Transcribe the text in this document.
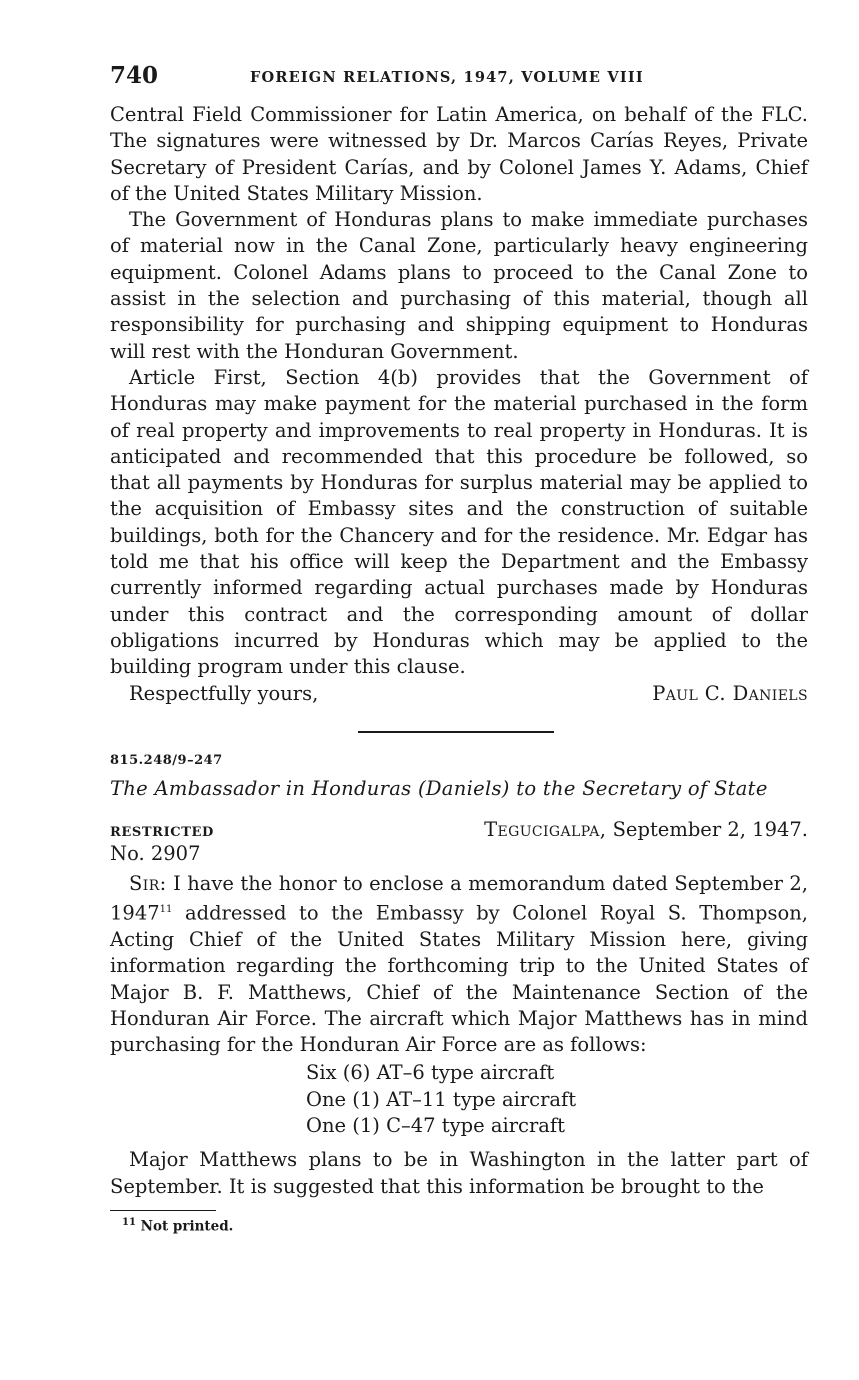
740	FOREIGN RELATIONS, 1947, VOLUME VIII

Central Field Commissioner for Latin America, on behalf of the FLC. The signatures were witnessed by Dr. Marcos Carías Reyes, Private Secretary of President Carías, and by Colonel James Y. Adams, Chief of the United States Military Mission.

The Government of Honduras plans to make immediate purchases of material now in the Canal Zone, particularly heavy engineering equipment. Colonel Adams plans to proceed to the Canal Zone to assist in the selection and purchasing of this material, though all responsibility for purchasing and shipping equipment to Honduras will rest with the Honduran Government.

Article First, Section 4(b) provides that the Government of Honduras may make payment for the material purchased in the form of real property and improvements to real property in Honduras. It is anticipated and recommended that this procedure be followed, so that all payments by Honduras for surplus material may be applied to the acquisition of Embassy sites and the construction of suitable buildings, both for the Chancery and for the residence. Mr. Edgar has told me that his office will keep the Department and the Embassy currently informed regarding actual purchases made by Honduras under this contract and the corresponding amount of dollar obligations incurred by Honduras which may be applied to the building program under this clause.

Respectfully yours,	Paul C. Daniels
815.248/9–247
The Ambassador in Honduras (Daniels) to the Secretary of State
RESTRICTED	Tegucigalpa, September 2, 1947.
No. 2907

Sir: I have the honor to enclose a memorandum dated September 2, 1947$^{11}$ addressed to the Embassy by Colonel Royal S. Thompson, Acting Chief of the United States Military Mission here, giving information regarding the forthcoming trip to the United States of Major B. F. Matthews, Chief of the Maintenance Section of the Honduran Air Force. The aircraft which Major Matthews has in mind purchasing for the Honduran Air Force are as follows:

Six (6) AT–6 type aircraft
One (1) AT–11 type aircraft
One (1) C–47 type aircraft

Major Matthews plans to be in Washington in the latter part of September. It is suggested that this information be brought to the

$^{11}$ Not printed.
